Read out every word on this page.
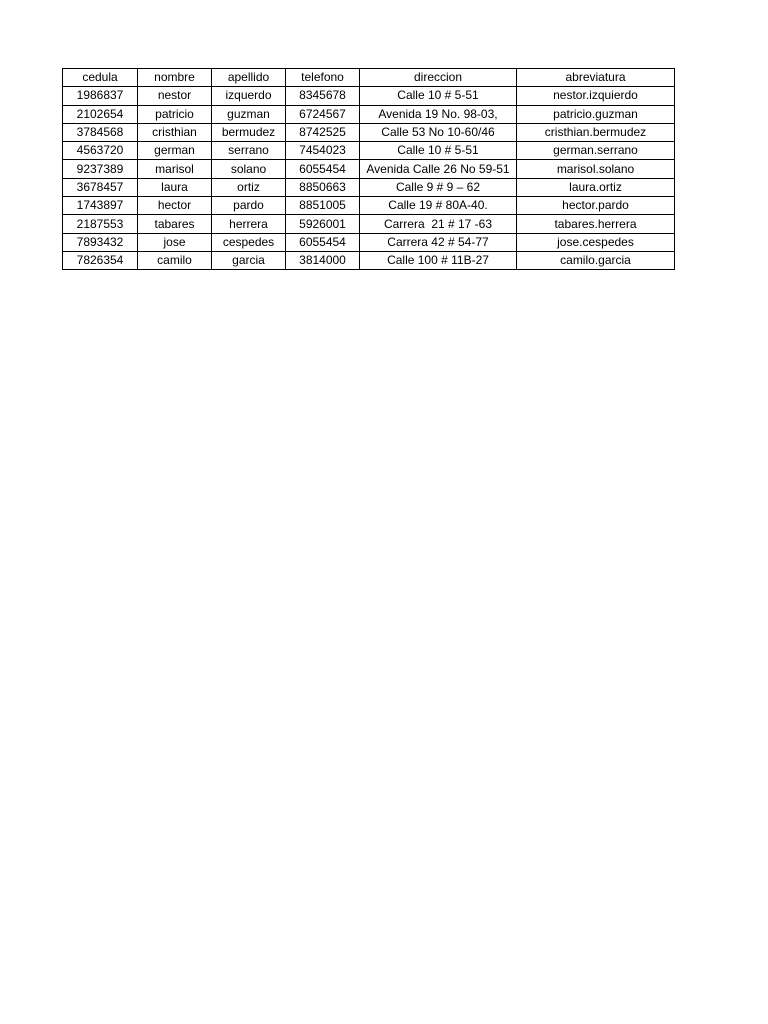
cedula	nombre	apellido	telefono	direccion	abreviatura
1986837	nestor	izquerdo	8345678	Calle 10 # 5-51	nestor.izquierdo
2102654	patricio	guzman	6724567	Avenida 19 No. 98-03,	patricio.guzman
3784568	cristhian	bermudez	8742525	Calle 53 No 10-60/46	cristhian.bermudez
4563720	german	serrano	7454023	Calle 10 # 5-51	german.serrano
9237389	marisol	solano	6055454	Avenida Calle 26 No 59-51	marisol.solano
3678457	laura	ortiz	8850663	Calle 9 # 9 – 62	laura.ortiz
1743897	hector	pardo	8851005	Calle 19 # 80A-40.	hector.pardo
2187553	tabares	herrera	5926001	Carrera  21 # 17 -63	tabares.herrera
7893432	jose	cespedes	6055454	Carrera 42 # 54-77	jose.cespedes
7826354	camilo	garcia	3814000	Calle 100 # 11B-27	camilo.garcia
